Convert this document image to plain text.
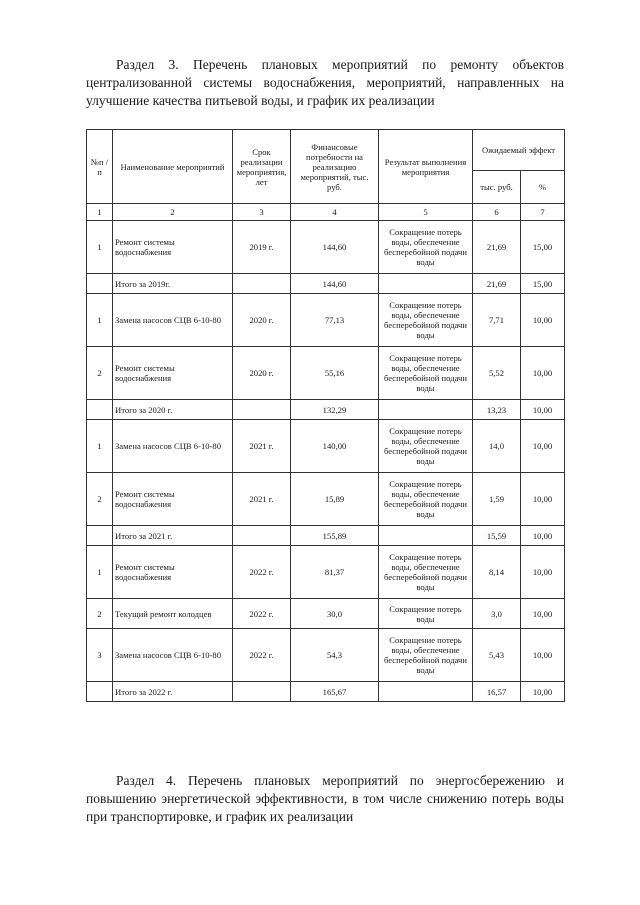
Раздел 3. Перечень плановых мероприятий по ремонту объектов централизованной системы водоснабжения, мероприятий, направленных на улучшение качества питьевой воды, и график их реализации
№п /п	Наименование мероприятий	Срок реализации мероприятия, лет	Финансовые потребности на реализацию мероприятий, тыс. руб.	Результат выполнения мероприятия	Ожидаемый эффект	
					тыс. руб.	%
1	2	3	4	5	6	7
1	Ремонт системы водоснабжения	2019 г.	144,60	Сокращение потерь воды, обеспечение бесперебойной подачи воды	21,69	15,00
	Итого за 2019г.		144,60		21,69	15,00
1	Замена насосов СЦВ 6-10-80	2020 г.	77,13	Сокращение потерь воды, обеспечение бесперебойной подачи воды	7,71	10,00
2	Ремонт системы водоснабжения	2020 г.	55,16	Сокращение потерь воды, обеспечение бесперебойной подачи воды	5,52	10,00
	Итого за 2020 г.		132,29		13,23	10,00
1	Замена насосов СЦВ 6-10-80	2021 г.	140,00	Сокращение потерь воды, обеспечение бесперебойной подачи воды	14,0	10,00
2	Ремонт системы водоснабжения	2021 г.	15,89	Сокращение потерь воды, обеспечение бесперебойной подачи воды	1,59	10,00
	Итого за 2021 г.		155,89		15,59	10,00
1	Ремонт системы водоснабжения	2022 г.	81,37	Сокращение потерь воды, обеспечение бесперебойной подачи воды	8,14	10,00
2	Текущий ремонт колодцев	2022 г.	30,0	Сокращение потерь воды	3,0	10,00
3	Замена насосов СЦВ 6-10-80	2022 г.	54,3	Сокращение потерь воды, обеспечение бесперебойной подачи воды	5,43	10,00
	Итого за 2022 г.		165,67		16,57	10,00
Раздел 4. Перечень плановых мероприятий по энергосбережению и повышению энергетической эффективности, в том числе снижению потерь воды при транспортировке, и график их реализации
